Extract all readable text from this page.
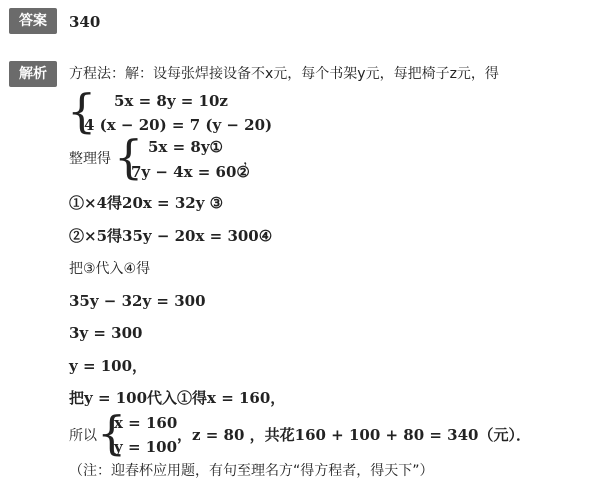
答案	340
解析	方程法：解：设每张焊接设备不x元，每个书架y元，每把椅子z元，得
{ 5x = 8y = 10z
4 (x − 20) = 7 (y − 20)
整理得 { 5x = 8y①
7y − 4x = 60②
，
①×4得20x = 32y ③
②×5得35y − 20x = 300④
把③代入④得
35y − 32y = 300
3y = 300
y = 100，
把y = 100代入①得x = 160，
所以 {
x = 160
y = 100
，z = 80 ，共花160 + 100 + 80 = 340（元）．
（注：迎春杯应用题，有句至理名方“得方程者，得天下”）
